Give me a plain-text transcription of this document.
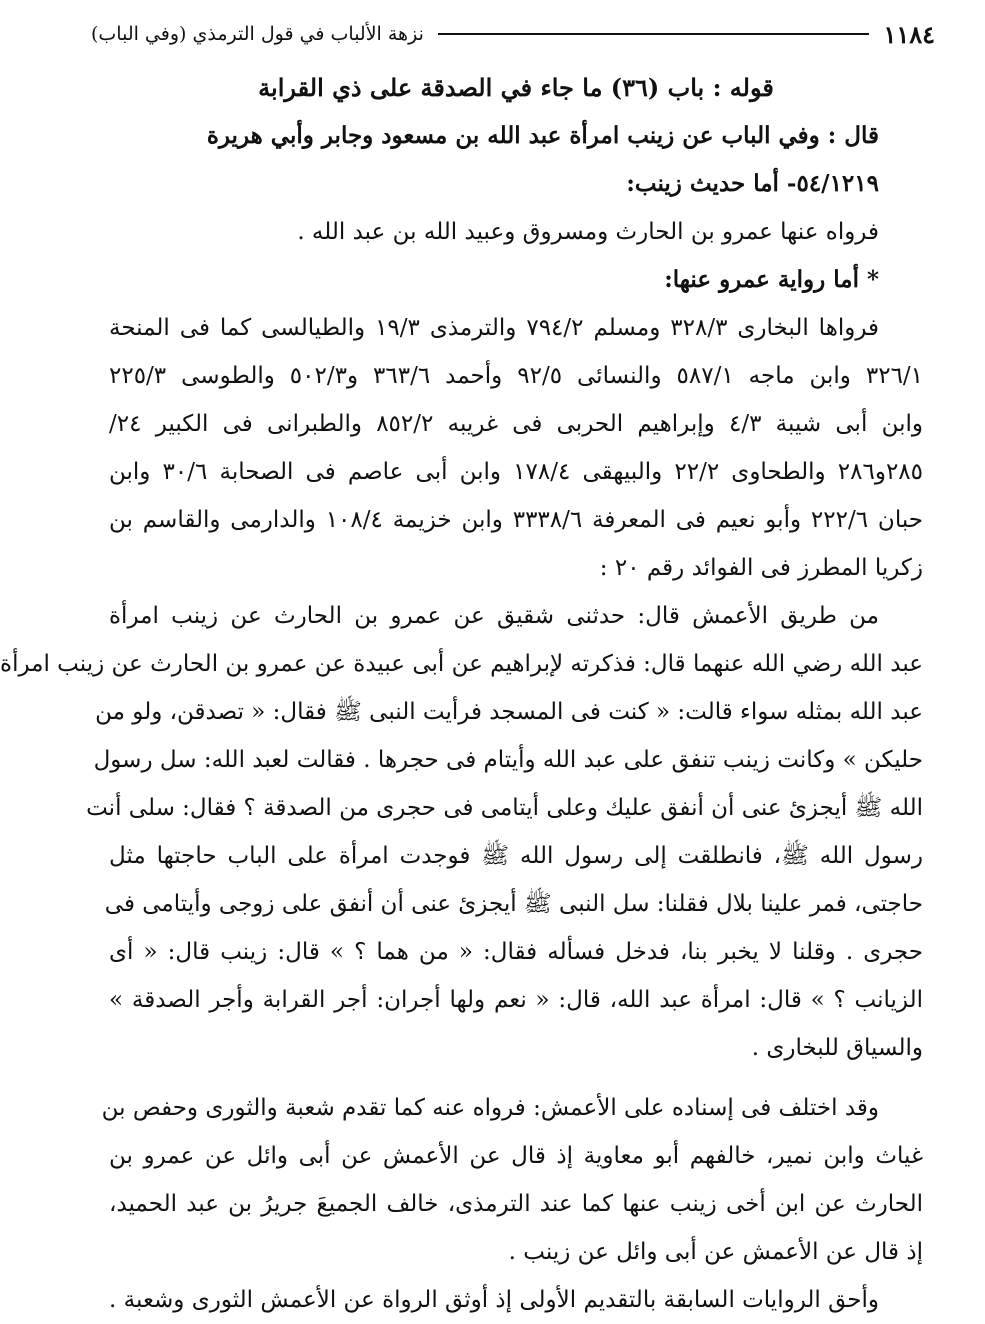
١١٨٤
نزهة الألباب في قول الترمذي (وفي الباب)
قوله : باب (٣٦) ما جاء في الصدقة على ذي القرابة
قال : وفي الباب عن زينب امرأة عبد الله بن مسعود وجابر وأبي هريرة
٥٤/١٢١٩- أما حديث زينب:
فرواه عنها عمرو بن الحارث ومسروق وعبيد الله بن عبد الله .
* أما رواية عمرو عنها:
فرواها البخارى ٣٢٨/٣ ومسلم ٧٩٤/٢ والترمذى ١٩/٣ والطيالسى كما فى المنحة
٣٢٦/١ وابن ماجه ٥٨٧/١ والنسائى ٩٢/٥ وأحمد ٣٦٣/٦ و٥٠٢/٣ والطوسى ٢٢٥/٣
وابن أبى شيبة ٤/٣ وإبراهيم الحربى فى غريبه ٨٥٢/٢ والطبرانى فى الكبير ٢٤/
٢٨٥و٢٨٦ والطحاوى ٢٢/٢ والبيهقى ١٧٨/٤ وابن أبى عاصم فى الصحابة ٣٠/٦ وابن
حبان ٢٢٢/٦ وأبو نعيم فى المعرفة ٣٣٣٨/٦ وابن خزيمة ١٠٨/٤ والدارمى والقاسم بن
زكريا المطرز فى الفوائد رقم ٢٠ :
من طريق الأعمش قال: حدثنى شقيق عن عمرو بن الحارث عن زينب امرأة
عبد الله رضي الله عنهما قال: فذكرته لإبراهيم عن أبى عبيدة عن عمرو بن الحارث عن زينب امرأة
عبد الله بمثله سواء قالت: « كنت فى المسجد فرأيت النبى ﷺ فقال: « تصدقن، ولو من
حليكن » وكانت زينب تنفق على عبد الله وأيتام فى حجرها . فقالت لعبد الله: سل رسول
الله ﷺ أيجزئ عنى أن أنفق عليك وعلى أيتامى فى حجرى من الصدقة ؟ فقال: سلى أنت
رسول الله ﷺ، فانطلقت إلى رسول الله ﷺ فوجدت امرأة على الباب حاجتها مثل
حاجتى، فمر علينا بلال فقلنا: سل النبى ﷺ أيجزئ عنى أن أنفق على زوجى وأيتامى فى
حجرى . وقلنا لا يخبر بنا، فدخل فسأله فقال: « من هما ؟ » قال: زينب قال: « أى
الزيانب ؟ » قال: امرأة عبد الله، قال: « نعم ولها أجران: أجر القرابة وأجر الصدقة »
والسياق للبخارى .
وقد اختلف فى إسناده على الأعمش: فرواه عنه كما تقدم شعبة والثورى وحفص بن
غياث وابن نمير، خالفهم أبو معاوية إذ قال عن الأعمش عن أبى وائل عن عمرو بن
الحارث عن ابن أخى زينب عنها كما عند الترمذى، خالف الجميعَ جريرُ بن عبد الحميد،
إذ قال عن الأعمش عن أبى وائل عن زينب .
وأحق الروايات السابقة بالتقديم الأولى إذ أوثق الرواة عن الأعمش الثورى وشعبة .
